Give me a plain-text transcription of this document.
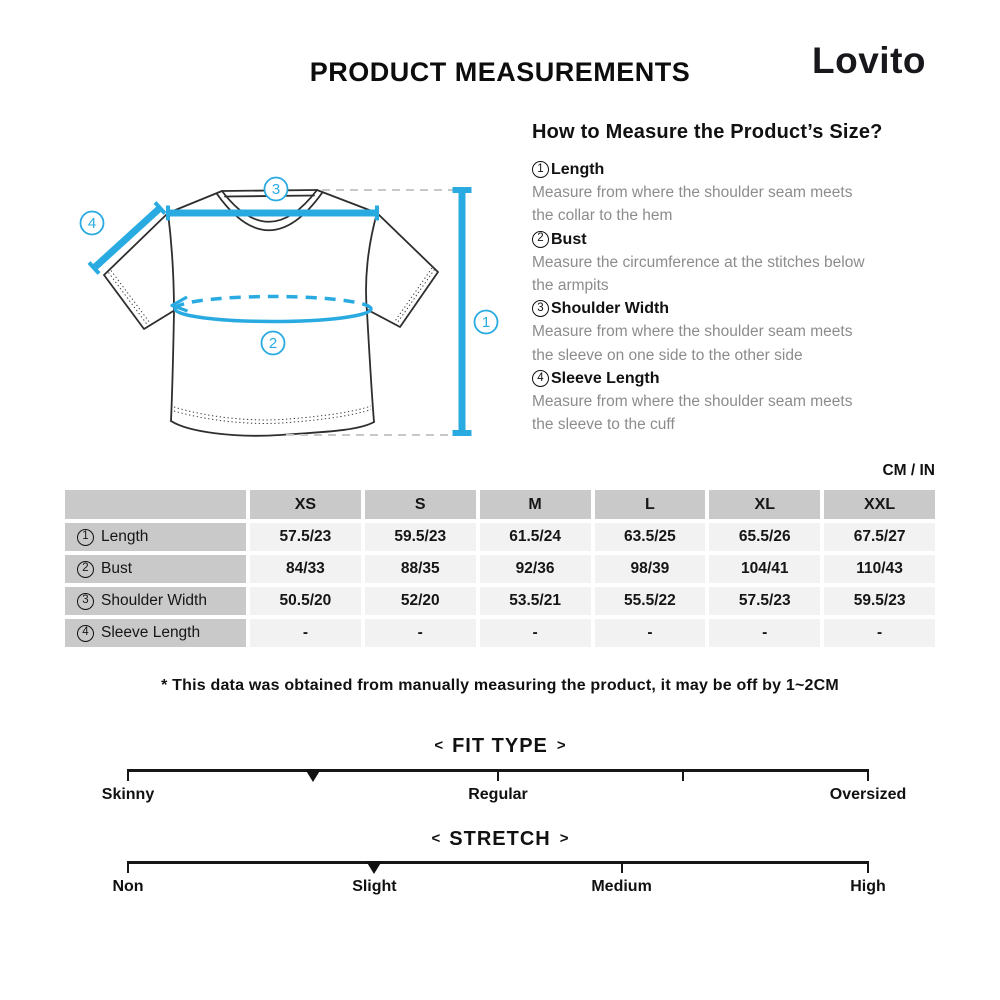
PRODUCT MEASUREMENTS	Lovito
3
4
2
1
How to Measure the Product’s Size?
1 Length
Measure from where the shoulder seam meets
the collar to the hem
2 Bust
Measure the circumference at the stitches below
the armpits
3 Shoulder Width
Measure from where the shoulder seam meets
the sleeve on one side to the other side
4 Sleeve Length
Measure from where the shoulder seam meets
the sleeve to the cuff
CM / IN
XS	S	M	L	XL	XXL
1 Length	57.5/23	59.5/23	61.5/24	63.5/25	65.5/26	67.5/27
2 Bust	84/33	88/35	92/36	98/39	104/41	110/43
3 Shoulder Width	50.5/20	52/20	53.5/21	55.5/22	57.5/23	59.5/23
4 Sleeve Length	-	-	-	-	-	-
* This data was obtained from manually measuring the product, it may be off by 1~2CM
< FIT TYPE >
Skinny	Regular	Oversized
< STRETCH >
Non	Slight	Medium	High
